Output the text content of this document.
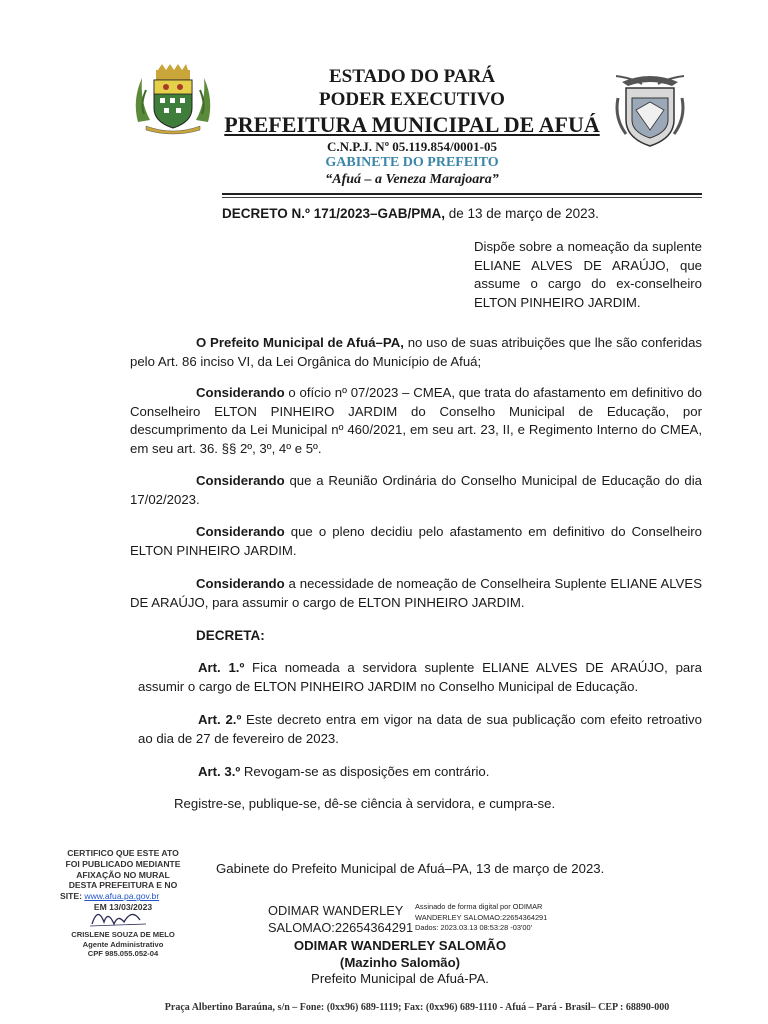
ESTADO DO PARÁ
PODER EXECUTIVO
PREFEITURA MUNICIPAL DE AFUÁ
C.N.P.J. Nº 05.119.854/0001-05
GABINETE DO PREFEITO
“Afuá – a Veneza Marajoara”
DECRETO N.º 171/2023–GAB/PMA, de 13 de março de 2023.
Dispõe sobre a nomeação da suplente ELIANE ALVES DE ARAÚJO, que assume o cargo do ex-conselheiro ELTON PINHEIRO JARDIM.
O Prefeito Municipal de Afuá–PA, no uso de suas atribuições que lhe são conferidas pelo Art. 86 inciso VI, da Lei Orgânica do Município de Afuá;
Considerando o ofício nº 07/2023 – CMEA, que trata do afastamento em definitivo do Conselheiro ELTON PINHEIRO JARDIM do Conselho Municipal de Educação, por descumprimento da Lei Municipal nº 460/2021, em seu art. 23, II, e Regimento Interno do CMEA, em seu art. 36. §§ 2º, 3º, 4º e 5º.
Considerando que a Reunião Ordinária do Conselho Municipal de Educação do dia 17/02/2023.
Considerando que o pleno decidiu pelo afastamento em definitivo do Conselheiro ELTON PINHEIRO JARDIM.
Considerando a necessidade de nomeação de Conselheira Suplente ELIANE ALVES DE ARAÚJO, para assumir o cargo de ELTON PINHEIRO JARDIM.
DECRETA:
Art. 1.º Fica nomeada a servidora suplente ELIANE ALVES DE ARAÚJO, para assumir o cargo de ELTON PINHEIRO JARDIM no Conselho Municipal de Educação.
Art. 2.º Este decreto entra em vigor na data de sua publicação com efeito retroativo ao dia de 27 de fevereiro de 2023.
Art. 3.º Revogam-se as disposições em contrário.
Registre-se, publique-se, dê-se ciência à servidora, e cumpra-se.
CERTIFICO QUE ESTE ATO
FOI PUBLICADO MEDIANTE
AFIXAÇÃO NO MURAL
DESTA PREFEITURA E NO
SITE: www.afua.pa.gov.br
EM 13/03/2023
CRISLENE SOUZA DE MELO
Agente Administrativo
CPF 985.055.052-04
Gabinete do Prefeito Municipal de Afuá–PA, 13 de março de 2023.
ODIMAR WANDERLEY
SALOMAO:22654364291
Assinado de forma digital por ODIMAR
WANDERLEY SALOMAO:22654364291
Dados: 2023.03.13 08:53:28 -03'00'
ODIMAR WANDERLEY SALOMÃO
(Mazinho Salomão)
Prefeito Municipal de Afuá-PA.
Praça Albertino Baraúna, s/n – Fone: (0xx96) 689-1119; Fax: (0xx96) 689-1110 - Afuá – Pará - Brasil– CEP : 68890-000
